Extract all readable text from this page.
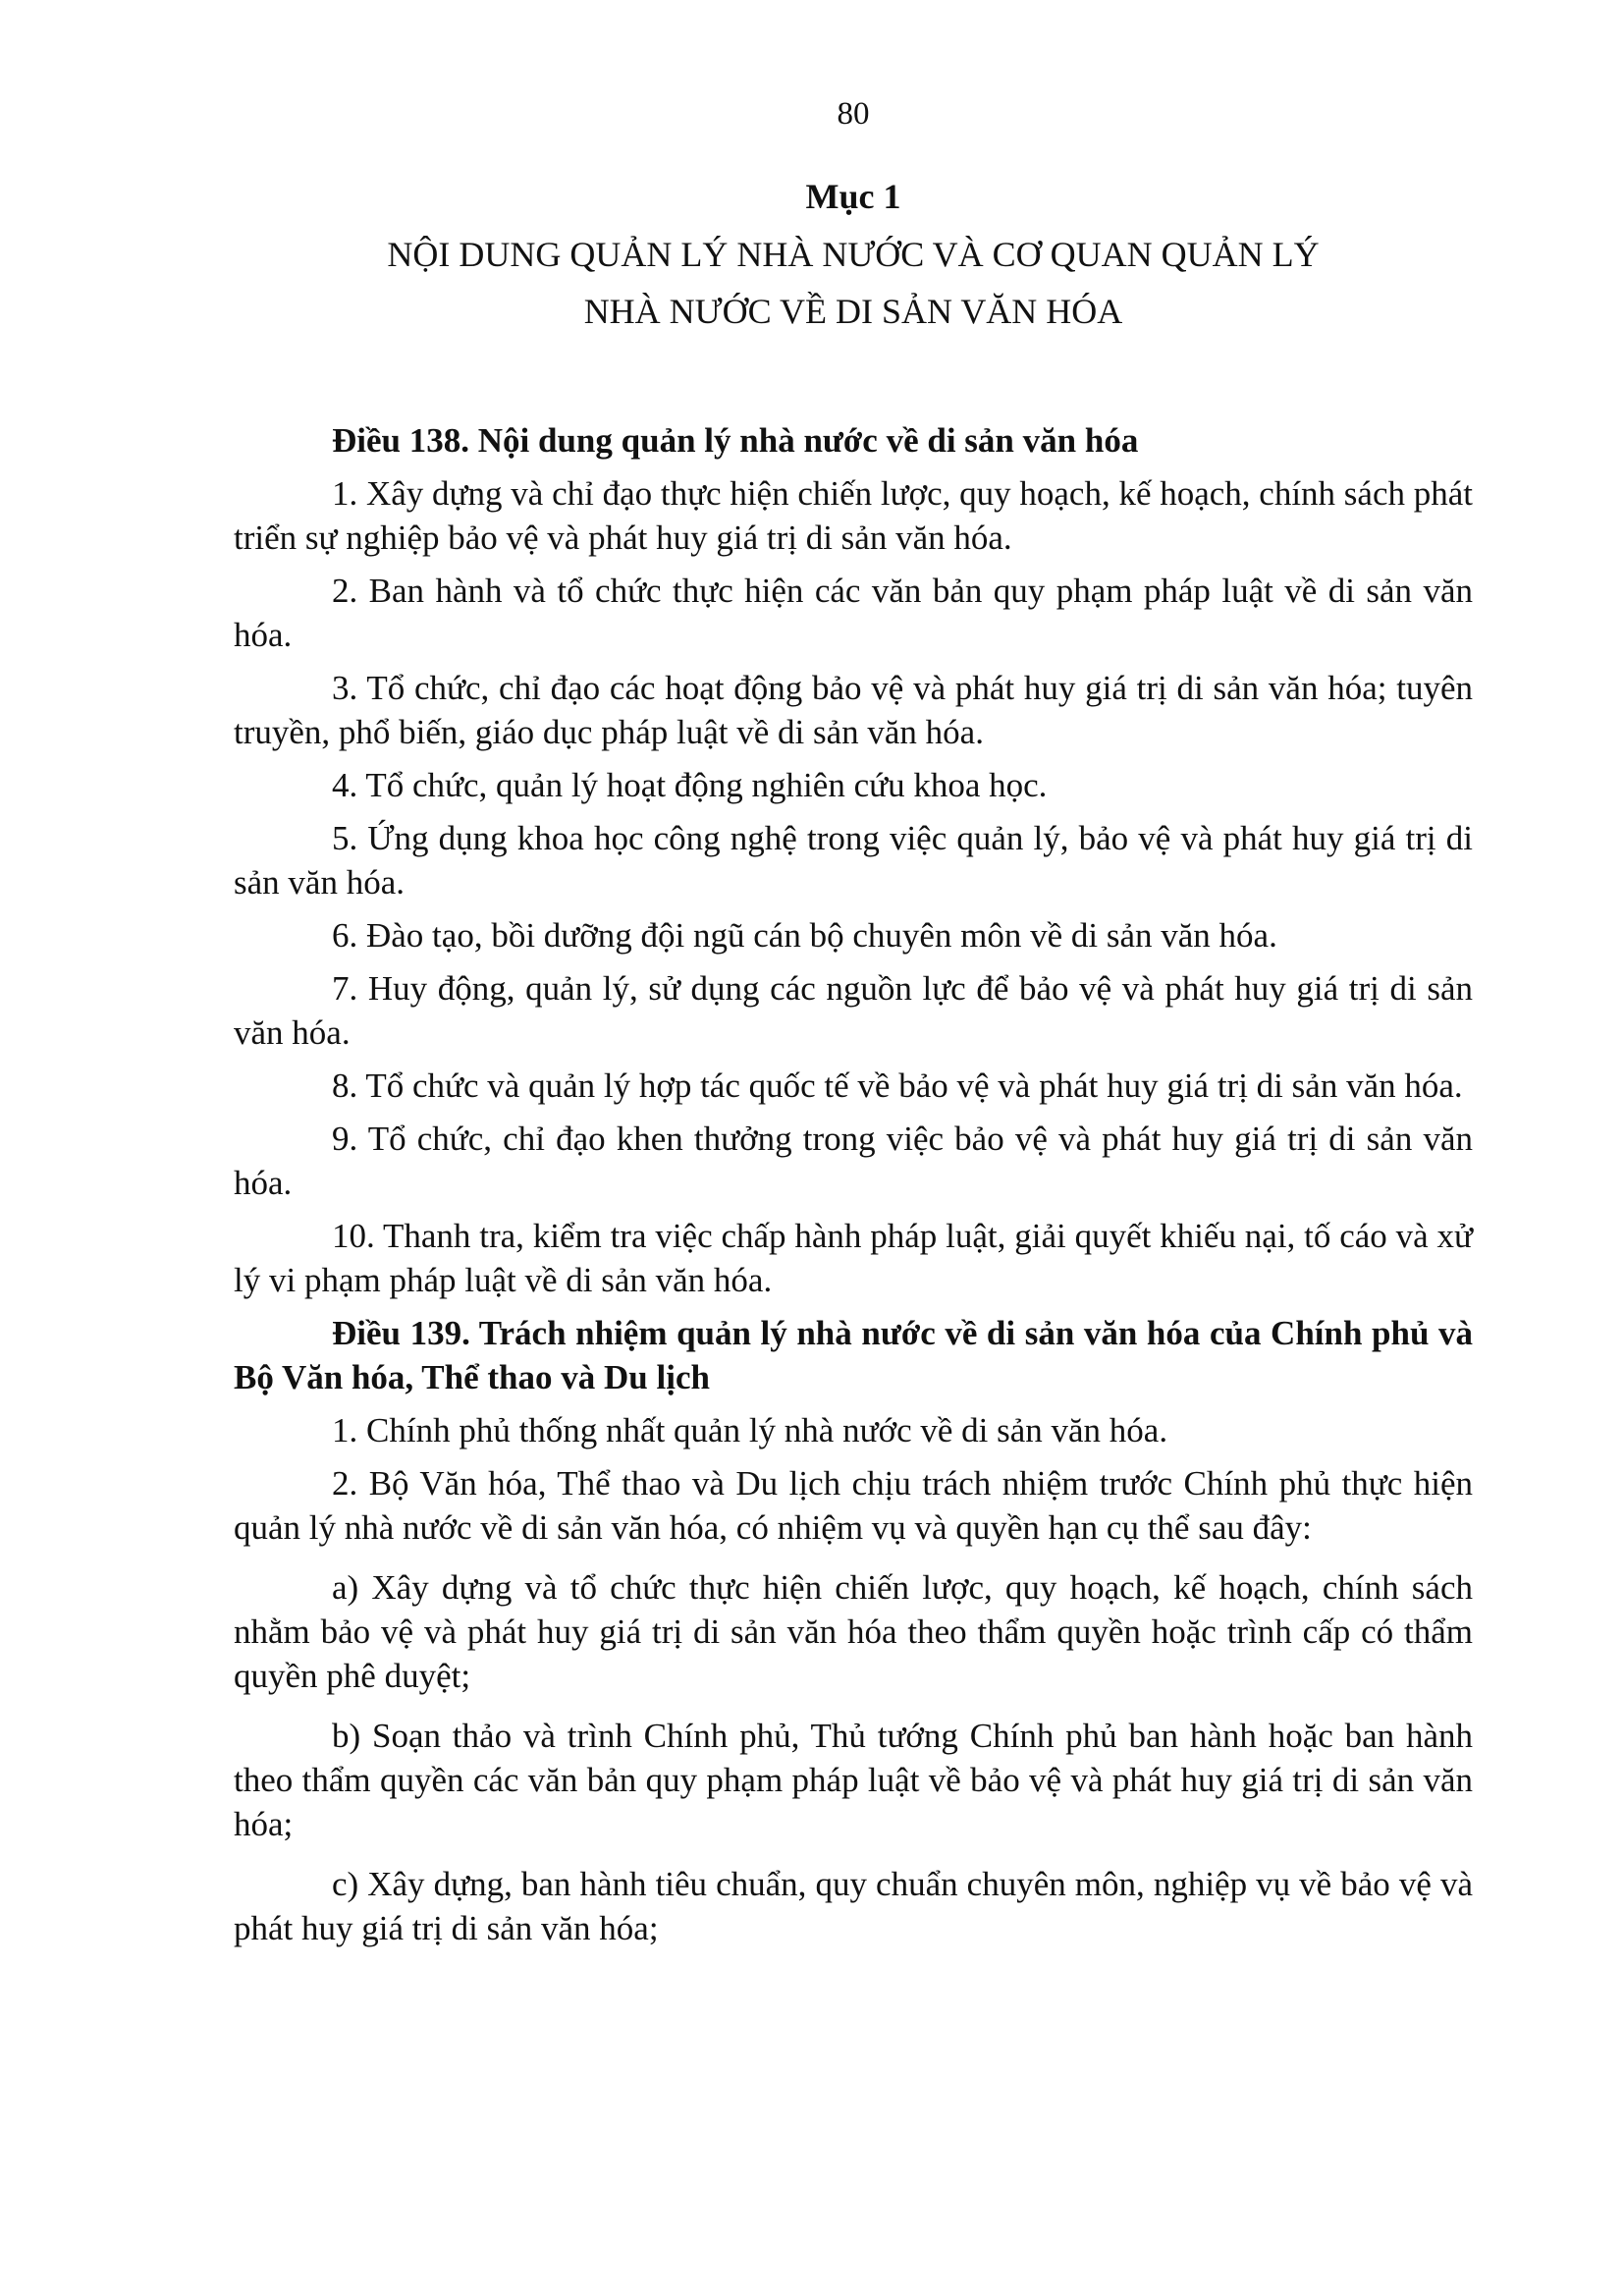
80
Mục 1
NỘI DUNG QUẢN LÝ NHÀ NƯỚC VÀ CƠ QUAN QUẢN LÝ
NHÀ NƯỚC VỀ DI SẢN VĂN HÓA

Điều 138. Nội dung quản lý nhà nước về di sản văn hóa

1. Xây dựng và chỉ đạo thực hiện chiến lược, quy hoạch, kế hoạch, chính sách phát triển sự nghiệp bảo vệ và phát huy giá trị di sản văn hóa.

2. Ban hành và tổ chức thực hiện các văn bản quy phạm pháp luật về di sản văn hóa.

3. Tổ chức, chỉ đạo các hoạt động bảo vệ và phát huy giá trị di sản văn hóa; tuyên truyền, phổ biến, giáo dục pháp luật về di sản văn hóa.

4. Tổ chức, quản lý hoạt động nghiên cứu khoa học.

5. Ứng dụng khoa học công nghệ trong việc quản lý, bảo vệ và phát huy giá trị di sản văn hóa.

6. Đào tạo, bồi dưỡng đội ngũ cán bộ chuyên môn về di sản văn hóa.

7. Huy động, quản lý, sử dụng các nguồn lực để bảo vệ và phát huy giá trị di sản văn hóa.

8. Tổ chức và quản lý hợp tác quốc tế về bảo vệ và phát huy giá trị di sản văn hóa.

9. Tổ chức, chỉ đạo khen thưởng trong việc bảo vệ và phát huy giá trị di sản văn hóa.

10. Thanh tra, kiểm tra việc chấp hành pháp luật, giải quyết khiếu nại, tố cáo và xử lý vi phạm pháp luật về di sản văn hóa.

Điều 139. Trách nhiệm quản lý nhà nước về di sản văn hóa của Chính phủ và Bộ Văn hóa, Thể thao và Du lịch

1. Chính phủ thống nhất quản lý nhà nước về di sản văn hóa.

2. Bộ Văn hóa, Thể thao và Du lịch chịu trách nhiệm trước Chính phủ thực hiện quản lý nhà nước về di sản văn hóa, có nhiệm vụ và quyền hạn cụ thể sau đây:

a) Xây dựng và tổ chức thực hiện chiến lược, quy hoạch, kế hoạch, chính sách nhằm bảo vệ và phát huy giá trị di sản văn hóa theo thẩm quyền hoặc trình cấp có thẩm quyền phê duyệt;

b) Soạn thảo và trình Chính phủ, Thủ tướng Chính phủ ban hành hoặc ban hành theo thẩm quyền các văn bản quy phạm pháp luật về bảo vệ và phát huy giá trị di sản văn hóa;

c) Xây dựng, ban hành tiêu chuẩn, quy chuẩn chuyên môn, nghiệp vụ về bảo vệ và phát huy giá trị di sản văn hóa;
